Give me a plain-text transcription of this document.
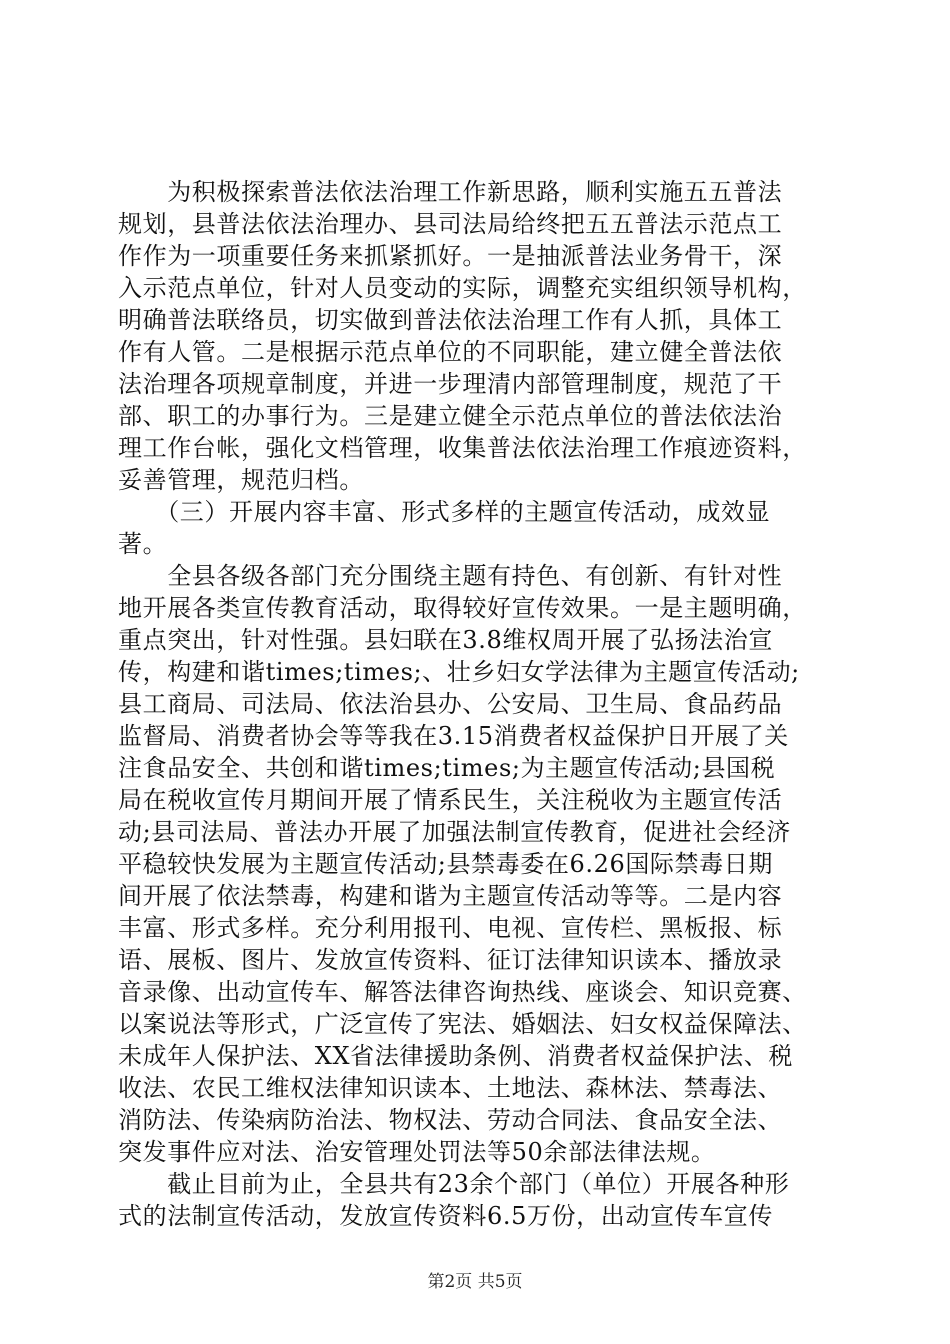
　　为积极探索普法依法治理工作新思路，顺利实施五五普法
规划，县普法依法治理办、县司法局给终把五五普法示范点工
作作为一项重要任务来抓紧抓好。一是抽派普法业务骨干，深
入示范点单位，针对人员变动的实际，调整充实组织领导机构，
明确普法联络员，切实做到普法依法治理工作有人抓，具体工
作有人管。二是根据示范点单位的不同职能，建立健全普法依
法治理各项规章制度，并进一步理清内部管理制度，规范了干
部、职工的办事行为。三是建立健全示范点单位的普法依法治
理工作台帐，强化文档管理，收集普法依法治理工作痕迹资料，
妥善管理，规范归档。
　　（三）开展内容丰富、形式多样的主题宣传活动，成效显
著。
　　全县各级各部门充分围绕主题有持色、有创新、有针对性
地开展各类宣传教育活动，取得较好宣传效果。一是主题明确，
重点突出，针对性强。县妇联在3.8维权周开展了弘扬法治宣
传，构建和谐times;times;、壮乡妇女学法律为主题宣传活动;
县工商局、司法局、依法治县办、公安局、卫生局、食品药品
监督局、消费者协会等等我在3.15消费者权益保护日开展了关
注食品安全、共创和谐times;times;为主题宣传活动;县国税
局在税收宣传月期间开展了情系民生，关注税收为主题宣传活
动;县司法局、普法办开展了加强法制宣传教育，促进社会经济
平稳较快发展为主题宣传活动;县禁毒委在6.26国际禁毒日期
间开展了依法禁毒，构建和谐为主题宣传活动等等。二是内容
丰富、形式多样。充分利用报刊、电视、宣传栏、黑板报、标
语、展板、图片、发放宣传资料、征订法律知识读本、播放录
音录像、出动宣传车、解答法律咨询热线、座谈会、知识竞赛、
以案说法等形式，广泛宣传了宪法、婚姻法、妇女权益保障法、
未成年人保护法、XX省法律援助条例、消费者权益保护法、税
收法、农民工维权法律知识读本、土地法、森林法、禁毒法、
消防法、传染病防治法、物权法、劳动合同法、食品安全法、
突发事件应对法、治安管理处罚法等50余部法律法规。
　　截止目前为止，全县共有23余个部门（单位）开展各种形
式的法制宣传活动，发放宣传资料6.5万份，出动宣传车宣传
第2页 共5页
